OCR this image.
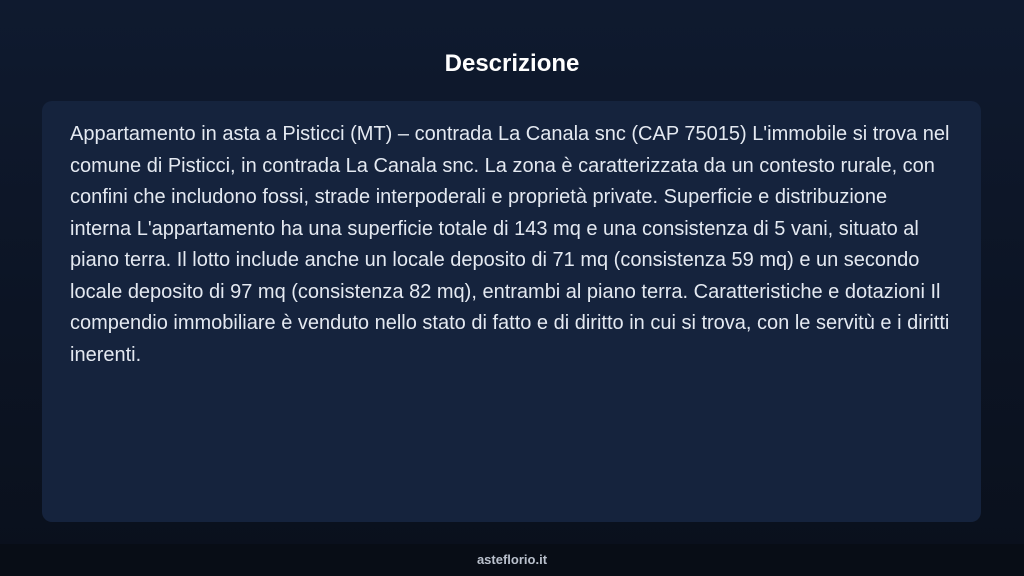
Descrizione

Appartamento in asta a Pisticci (MT) – contrada La Canala snc (CAP 75015) L'immobile si trova nel comune di Pisticci, in contrada La Canala snc. La zona è caratterizzata da un contesto rurale, con confini che includono fossi, strade interpoderali e proprietà private. Superficie e distribuzione interna L'appartamento ha una superficie totale di 143 mq e una consistenza di 5 vani, situato al piano terra. Il lotto include anche un locale deposito di 71 mq (consistenza 59 mq) e un secondo locale deposito di 97 mq (consistenza 82 mq), entrambi al piano terra. Caratteristiche e dotazioni Il compendio immobiliare è venduto nello stato di fatto e di diritto in cui si trova, con le servitù e i diritti inerenti.

asteflorio.it
